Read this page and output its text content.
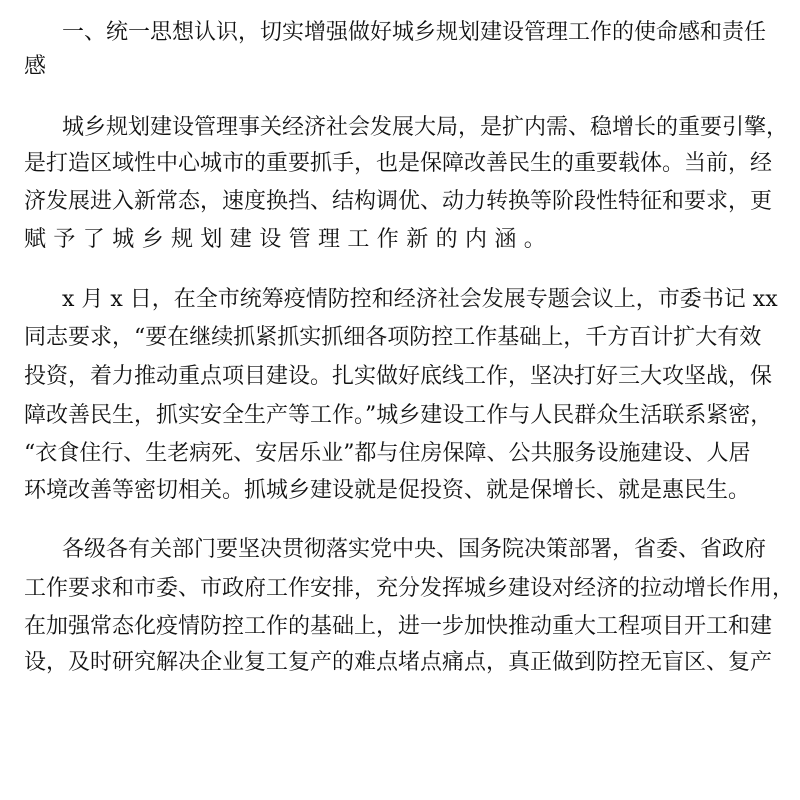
一、统一思想认识，切实增强做好城乡规划建设管理工作的使命感和责任
感
城乡规划建设管理事关经济社会发展大局，是扩内需、稳增长的重要引擎，
是打造区域性中心城市的重要抓手，也是保障改善民生的重要载体。当前，经
济发展进入新常态，速度换挡、结构调优、动力转换等阶段性特征和要求，更
赋予了城乡规划建设管理工作新的内涵。
x 月 x 日，在全市统筹疫情防控和经济社会发展专题会议上，市委书记 xx
同志要求，“要在继续抓紧抓实抓细各项防控工作基础上，千方百计扩大有效
投资，着力推动重点项目建设。扎实做好底线工作，坚决打好三大攻坚战，保
障改善民生，抓实安全生产等工作。”城乡建设工作与人民群众生活联系紧密，
“衣食住行、生老病死、安居乐业”都与住房保障、公共服务设施建设、人居
环境改善等密切相关。抓城乡建设就是促投资、就是保增长、就是惠民生。
各级各有关部门要坚决贯彻落实党中央、国务院决策部署，省委、省政府
工作要求和市委、市政府工作安排，充分发挥城乡建设对经济的拉动增长作用，
在加强常态化疫情防控工作的基础上，进一步加快推动重大工程项目开工和建
设，及时研究解决企业复工复产的难点堵点痛点，真正做到防控无盲区、复产
